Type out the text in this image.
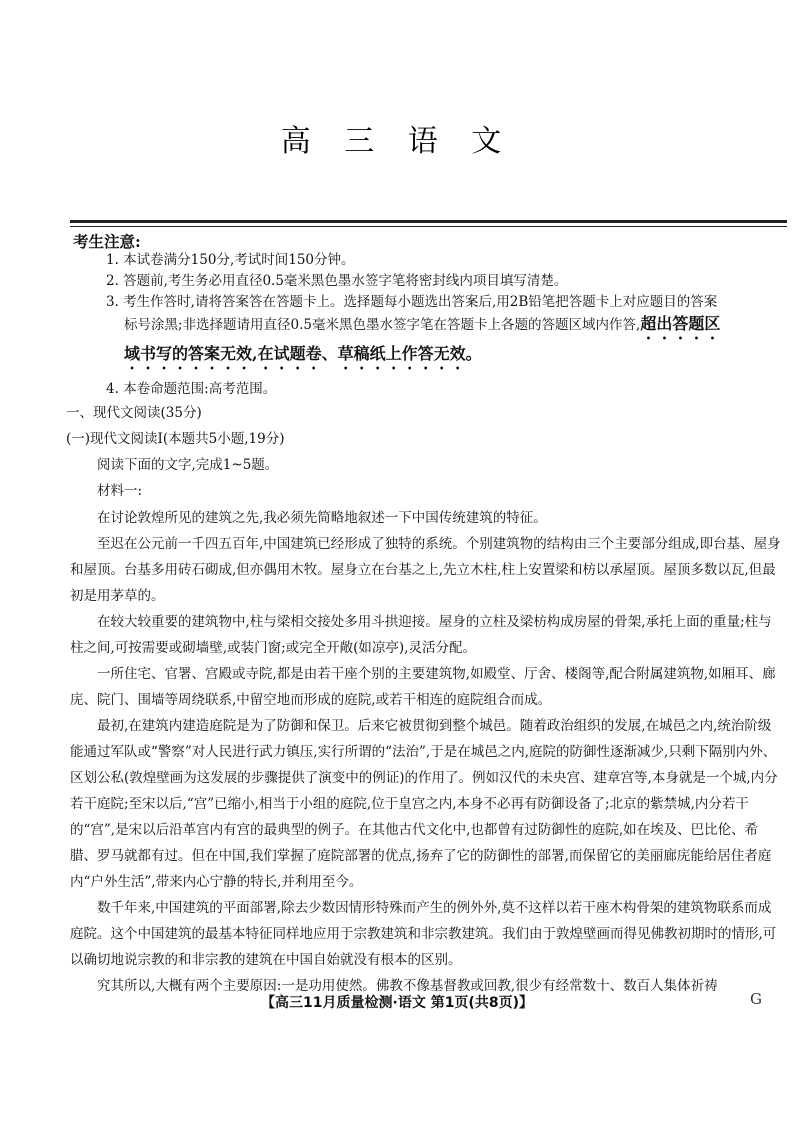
高 三 语 文

考生注意:

1. 本试卷满分150分,考试时间150分钟。
2. 答题前,考生务必用直径0.5毫米黑色墨水签字笔将密封线内项目填写清楚。
3. 考生作答时,请将答案答在答题卡上。选择题每小题选出答案后,用2B铅笔把答题卡上对应题目的答案
标号涂黑;非选择题请用直径0.5毫米黑色墨水签字笔在答题卡上各题的答题区域内作答,超出答题区
域书写的答案无效,在试题卷、草稿纸上作答无效。
4. 本卷命题范围:高考范围。
一、现代文阅读(35分)
(一)现代文阅读Ⅰ(本题共5小题,19分)
阅读下面的文字,完成1~5题。
材料一:

在讨论敦煌所见的建筑之先,我必须先简略地叙述一下中国传统建筑的特征。

至迟在公元前一千四五百年,中国建筑已经形成了独特的系统。个别建筑物的结构由三个主要部分组成,即台基、屋身和屋顶。台基多用砖石砌成,但亦偶用木牧。屋身立在台基之上,先立木柱,柱上安置梁和枋以承屋顶。屋顶多数以瓦,但最初是用茅草的。

在较大较重要的建筑物中,柱与梁相交接处多用斗拱迎接。屋身的立柱及梁枋构成房屋的骨架,承托上面的重量;柱与柱之间,可按需要或砌墙壁,或装门窗;或完全开敞(如凉亭),灵活分配。

一所住宅、官署、宫殿或寺院,都是由若干座个别的主要建筑物,如殿堂、厅舍、楼阁等,配合附属建筑物,如厢耳、廊庑、院门、围墙等周绕联系,中留空地而形成的庭院,或若干相连的庭院组合而成。

最初,在建筑内建造庭院是为了防御和保卫。后来它被贯彻到整个城邑。随着政治组织的发展,在城邑之内,统治阶级能通过军队或“警察”对人民进行武力镇压,实行所谓的“法治”,于是在城邑之内,庭院的防御性逐渐减少,只剩下隔别内外、区划公私(敦煌壁画为这发展的步骤提供了演变中的例证)的作用了。例如汉代的未央宫、建章宫等,本身就是一个城,内分若干庭院;至宋以后,“宫”已缩小,相当于小组的庭院,位于皇宫之内,本身不必再有防御设备了;北京的紫禁城,内分若干的“宫”,是宋以后沿革宫内有宫的最典型的例子。在其他古代文化中,也都曾有过防御性的庭院,如在埃及、巴比伦、希腊、罗马就都有过。但在中国,我们掌握了庭院部署的优点,扬弃了它的防御性的部署,而保留它的美丽廊庑能给居住者庭内“户外生活”,带来内心宁静的特长,并利用至今。

数千年来,中国建筑的平面部署,除去少数因情形特殊而产生的例外外,莫不这样以若干座木构骨架的建筑物联系而成庭院。这个中国建筑的最基本特征同样地应用于宗教建筑和非宗教建筑。我们由于敦煌壁画而得见佛教初期时的情形,可以确切地说宗教的和非宗教的建筑在中国自始就没有根本的区别。

究其所以,大概有两个主要原因:一是功用使然。佛教不像基督教或回教,很少有经常数十、数百人集体祈祷

【高三11月质量检测·语文 第1页(共8页)】	G
